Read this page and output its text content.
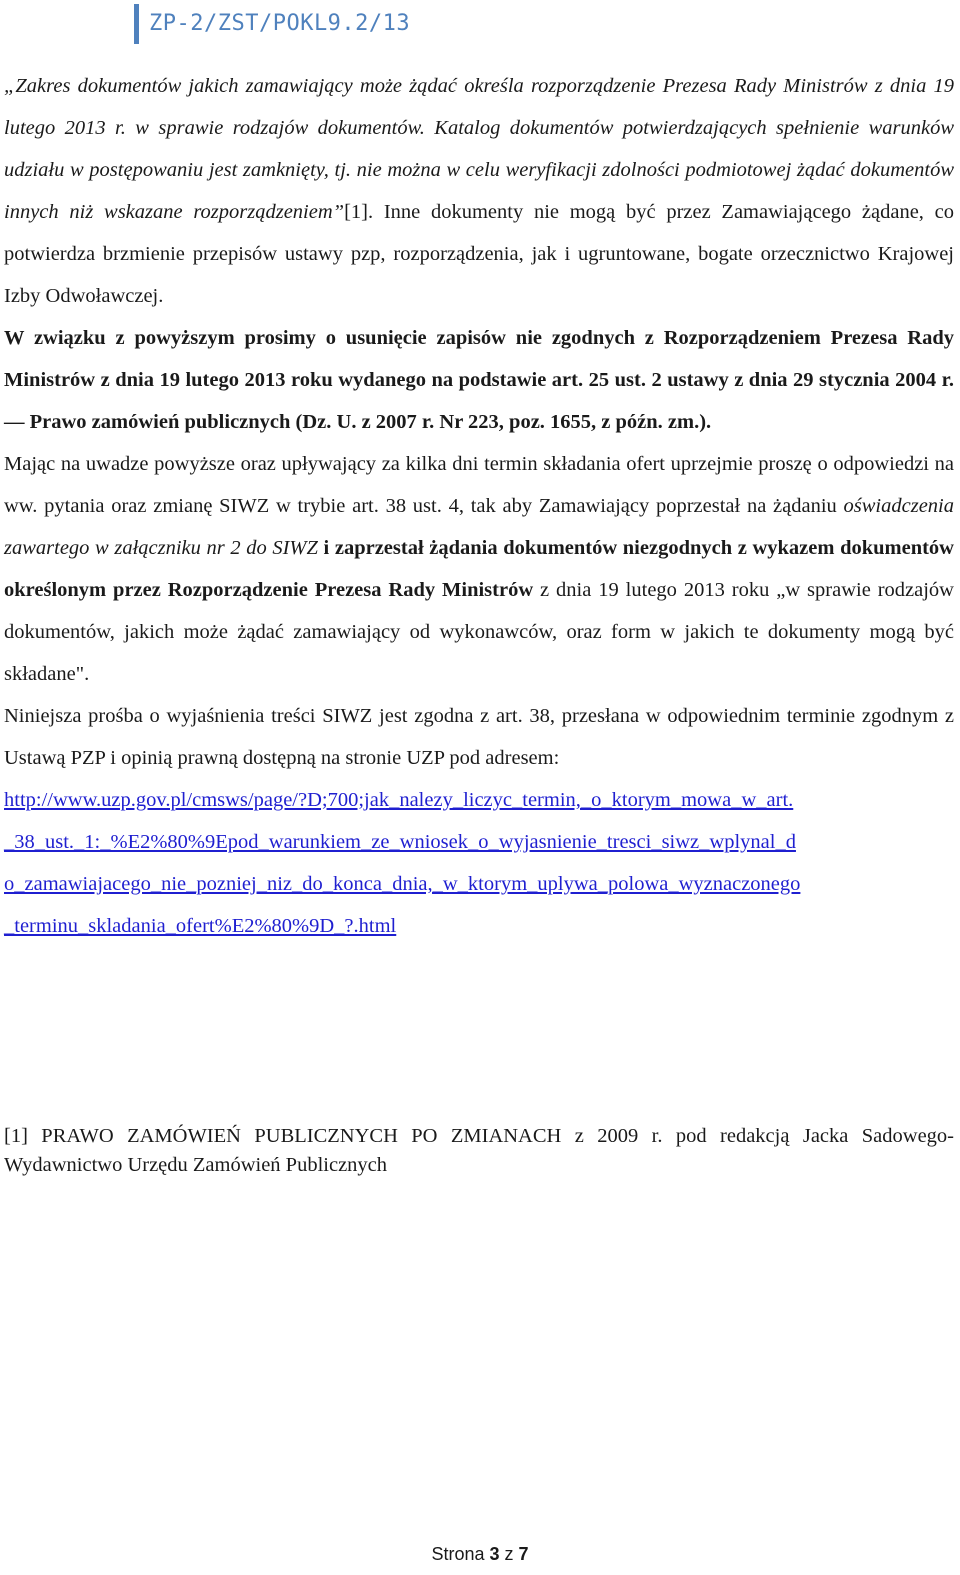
ZP-2/ZST/POKL9.2/13

„Zakres dokumentów jakich zamawiający może żądać określa rozporządzenie Prezesa Rady Ministrów z dnia 19 lutego 2013 r. w sprawie rodzajów dokumentów. Katalog dokumentów potwierdzających spełnienie warunków udziału w postępowaniu jest zamknięty, tj. nie można w celu weryfikacji zdolności podmiotowej żądać dokumentów innych niż wskazane rozporządzeniem”[1]. Inne dokumenty nie mogą być przez Zamawiającego żądane, co potwierdza brzmienie przepisów ustawy pzp, rozporządzenia, jak i ugruntowane, bogate orzecznictwo Krajowej Izby Odwoławczej.

W związku z powyższym prosimy o usunięcie zapisów nie zgodnych z Rozporządzeniem Prezesa Rady Ministrów z dnia 19 lutego 2013 roku wydanego na podstawie art. 25 ust. 2 ustawy z dnia 29 stycznia 2004 r. — Prawo zamówień publicznych (Dz. U. z 2007 r. Nr 223, poz. 1655, z późn. zm.).

Mając na uwadze powyższe oraz upływający za kilka dni termin składania ofert uprzejmie proszę o odpowiedzi na ww. pytania oraz zmianę SIWZ w trybie art. 38 ust. 4, tak aby Zamawiający poprzestał na żądaniu oświadczenia zawartego w załączniku nr 2 do SIWZ i zaprzestał żądania dokumentów niezgodnych z wykazem dokumentów określonym przez Rozporządzenie Prezesa Rady Ministrów z dnia 19 lutego 2013 roku „w sprawie rodzajów dokumentów, jakich może żądać zamawiający od wykonawców, oraz form w jakich te dokumenty mogą być składane".

Niniejsza prośba o wyjaśnienia treści SIWZ jest zgodna z art. 38, przesłana w odpowiednim terminie zgodnym z Ustawą PZP i opinią prawną dostępną na stronie UZP pod adresem:

http://www.uzp.gov.pl/cmsws/page/?D;700;jak_nalezy_liczyc_termin,_o_ktorym_mowa_w_art.
_38_ust._1:_%E2%80%9Epod_warunkiem_ze_wniosek_o_wyjasnienie_tresci_siwz_wplynal_d
o_zamawiajacego_nie_pozniej_niz_do_konca_dnia,_w_ktorym_uplywa_polowa_wyznaczonego
_terminu_skladania_ofert%E2%80%9D_?.html
[1] PRAWO ZAMÓWIEŃ PUBLICZNYCH PO ZMIANACH z 2009 r. pod redakcją Jacka Sadowego- Wydawnictwo Urzędu Zamówień Publicznych
Strona 3 z 7
